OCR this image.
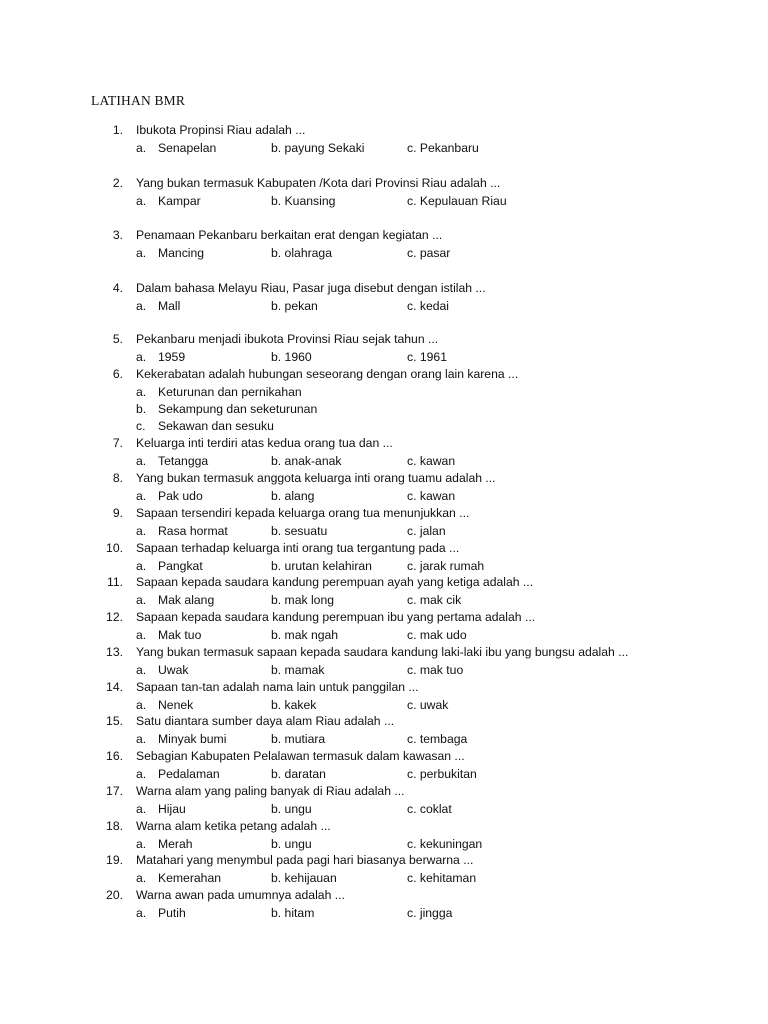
LATIHAN BMR
1. Ibukota Propinsi Riau adalah ...
a. Senapelan	b. payung Sekaki	c. Pekanbaru
2. Yang bukan termasuk Kabupaten /Kota dari Provinsi Riau adalah ...
a. Kampar	b. Kuansing	c. Kepulauan Riau
3. Penamaan Pekanbaru berkaitan erat dengan kegiatan ...
a. Mancing	b. olahraga	c. pasar
4. Dalam bahasa Melayu Riau, Pasar juga disebut dengan istilah ...
a. Mall	b. pekan	c. kedai
5. Pekanbaru menjadi ibukota Provinsi Riau sejak tahun ...
a. 1959	b. 1960	c. 1961
6. Kekerabatan adalah hubungan seseorang dengan orang lain karena ...
a. Keturunan dan pernikahan
b. Sekampung dan seketurunan
c. Sekawan dan sesuku
7. Keluarga inti terdiri atas kedua orang tua dan ...
a. Tetangga	b. anak-anak	c. kawan
8. Yang bukan termasuk anggota keluarga inti orang tuamu adalah ...
a. Pak udo	b. alang	c. kawan
9. Sapaan tersendiri kepada keluarga orang tua menunjukkan ...
a. Rasa hormat	b. sesuatu	c. jalan
10. Sapaan terhadap keluarga inti orang tua tergantung pada ...
a. Pangkat	b. urutan kelahiran	c. jarak rumah
11. Sapaan kepada saudara kandung perempuan ayah yang ketiga adalah ...
a. Mak alang	b. mak long	c. mak cik
12. Sapaan kepada saudara kandung perempuan ibu yang pertama adalah ...
a. Mak tuo	b. mak ngah	c. mak udo
13. Yang bukan termasuk sapaan kepada saudara kandung laki-laki ibu yang bungsu adalah ...
a. Uwak	b. mamak	c. mak tuo
14. Sapaan tan-tan adalah nama lain untuk panggilan ...
a. Nenek	b. kakek	c. uwak
15. Satu diantara sumber daya alam Riau adalah ...
a. Minyak bumi	b. mutiara	c. tembaga
16. Sebagian Kabupaten Pelalawan termasuk dalam kawasan ...
a. Pedalaman	b. daratan	c. perbukitan
17. Warna alam yang paling banyak di Riau adalah ...
a. Hijau	b. ungu	c. coklat
18. Warna alam ketika petang adalah ...
a. Merah	b. ungu	c. kekuningan
19. Matahari yang menymbul pada pagi hari biasanya berwarna ...
a. Kemerahan	b. kehijauan	c. kehitaman
20. Warna awan pada umumnya adalah ...
a. Putih	b. hitam	c. jingga
